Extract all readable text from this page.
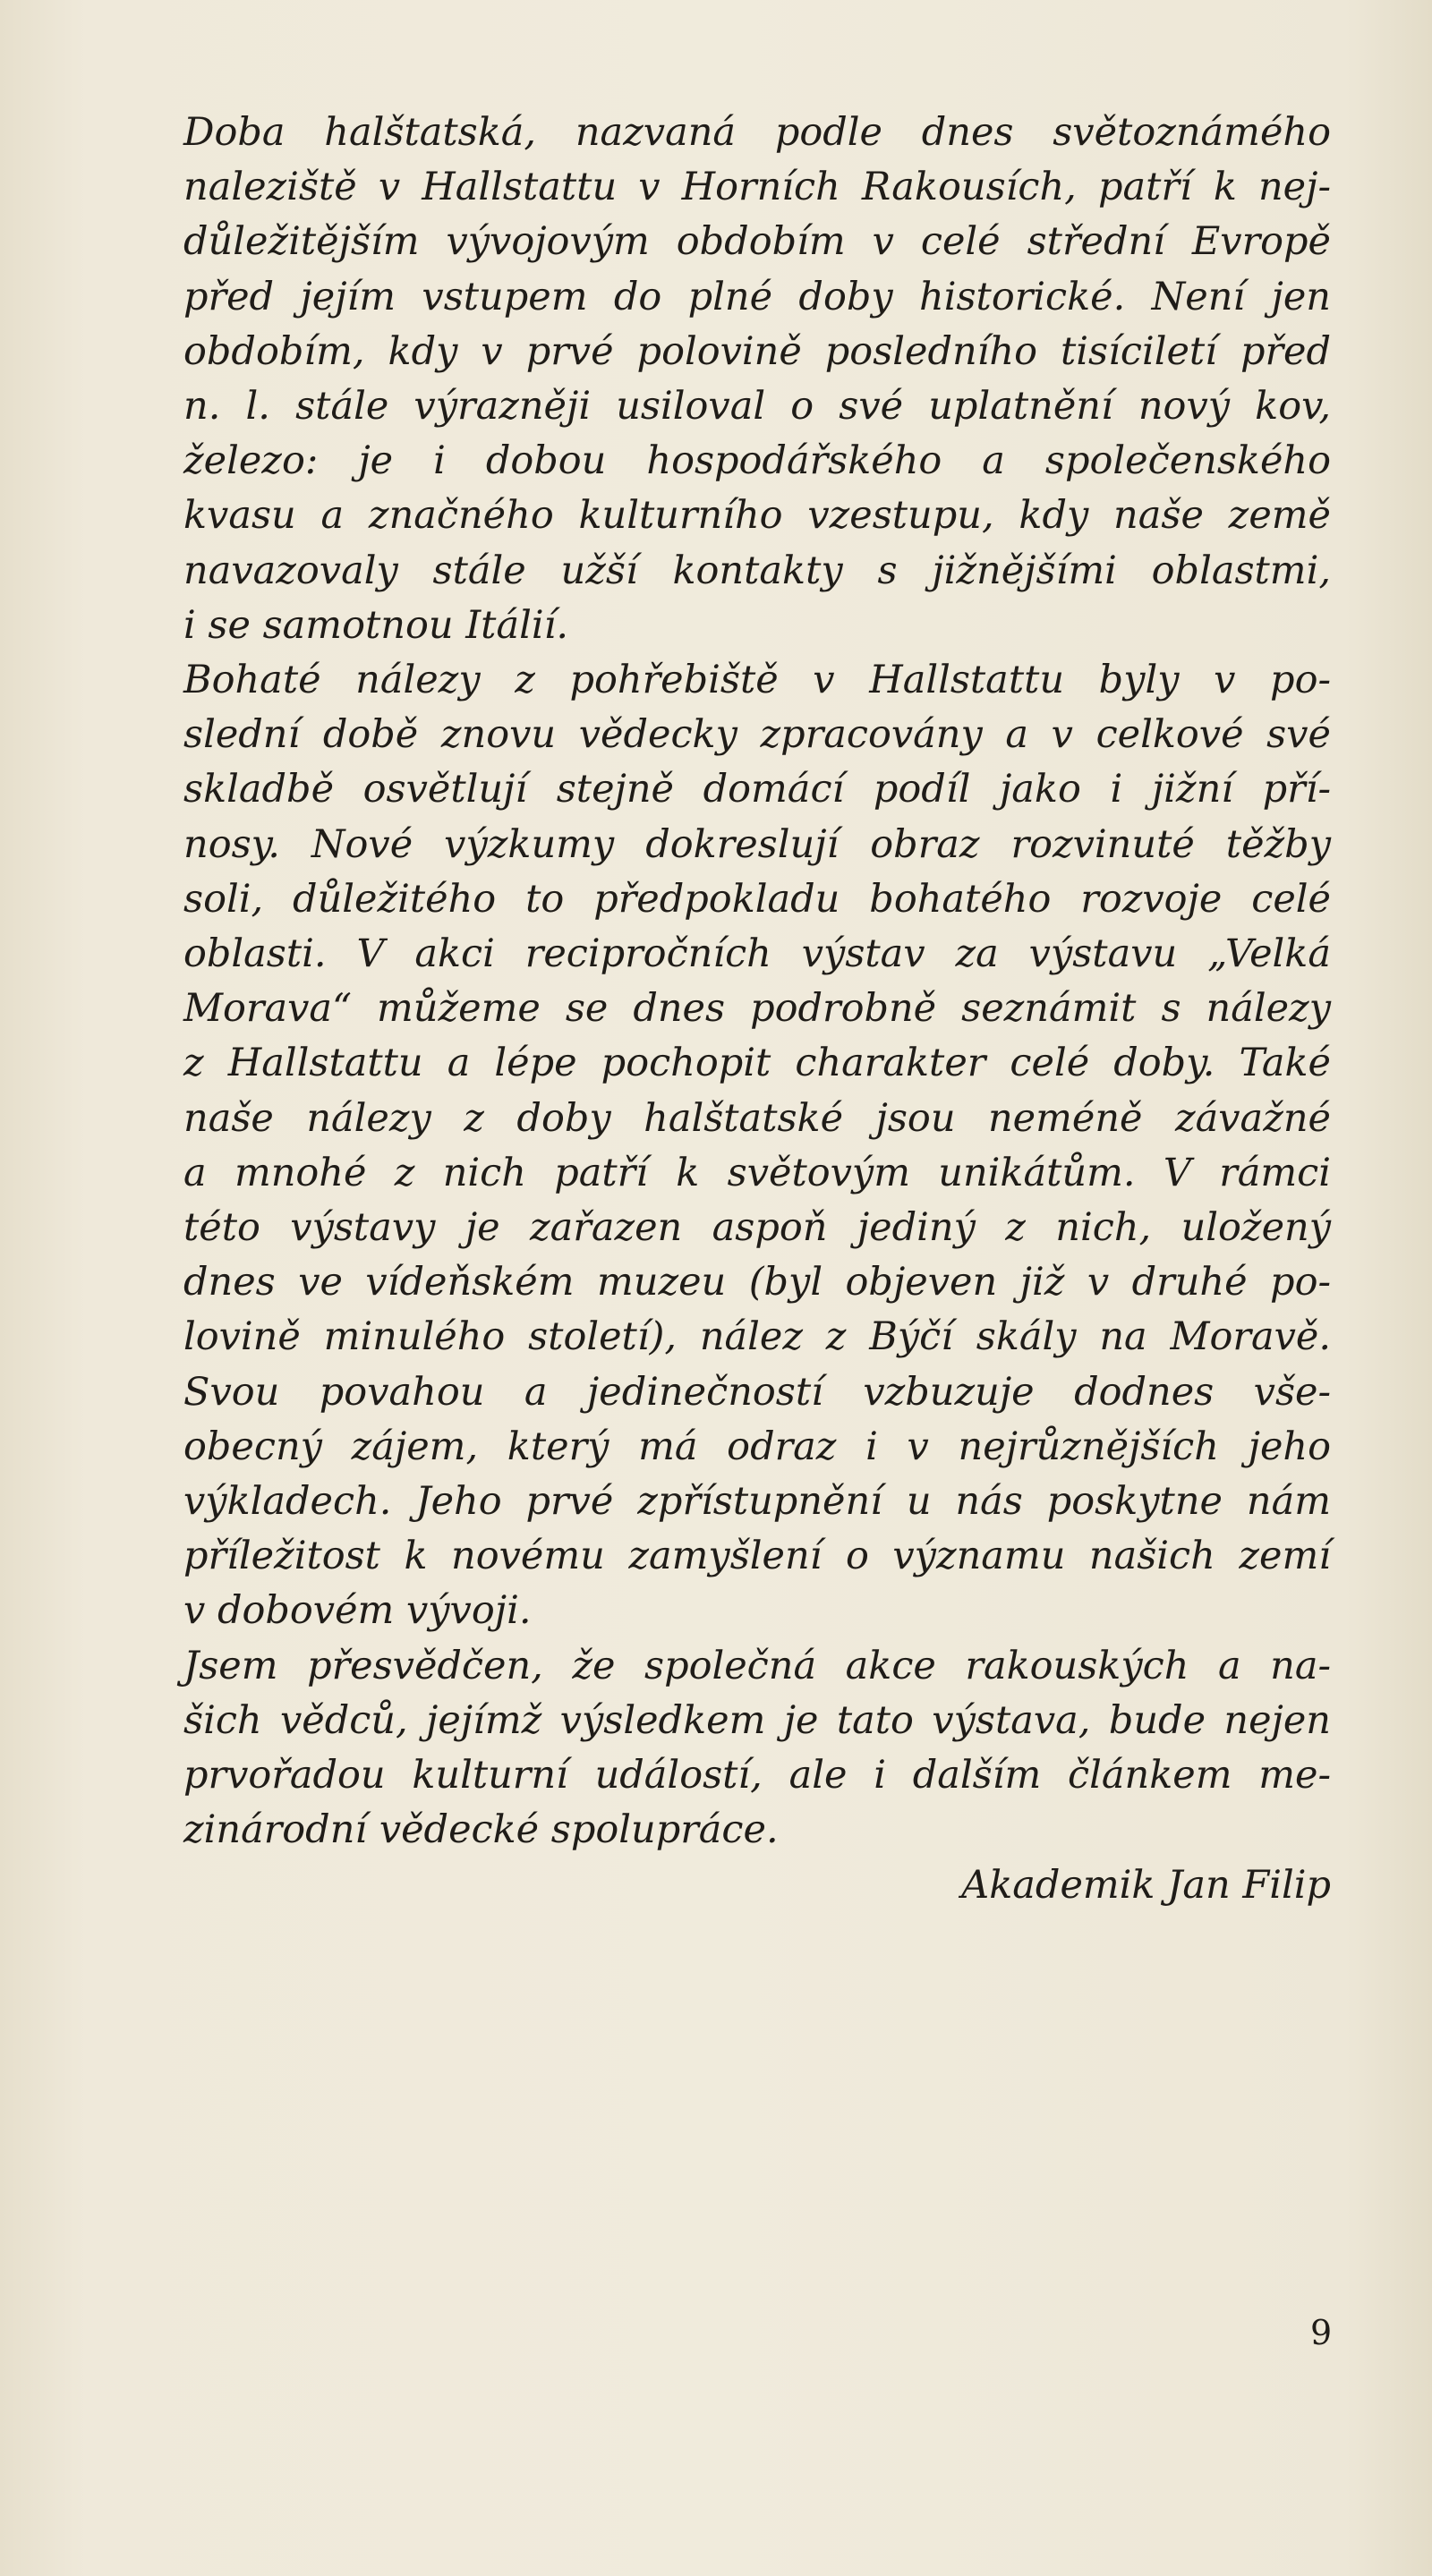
Doba halštatská, nazvaná podle dnes světoznámého
naleziště v Hallstattu v Horních Rakousích, patří k nej-
důležitějším vývojovým obdobím v celé střední Evropě
před jejím vstupem do plné doby historické. Není jen
obdobím, kdy v prvé polovině posledního tisíciletí před
n. l. stále výrazněji usiloval o své uplatnění nový kov,
železo: je i dobou hospodářského a společenského
kvasu a značného kulturního vzestupu, kdy naše země
navazovaly stále užší kontakty s jižnějšími oblastmi,
i se samotnou Itálií.

Bohaté nálezy z pohřebiště v Hallstattu byly v po-
slední době znovu vědecky zpracovány a v celkové své
skladbě osvětlují stejně domácí podíl jako i jižní pří-
nosy. Nové výzkumy dokreslují obraz rozvinuté těžby
soli, důležitého to předpokladu bohatého rozvoje celé
oblasti. V akci recipročních výstav za výstavu „Velká
Morava“ můžeme se dnes podrobně seznámit s nálezy
z Hallstattu a lépe pochopit charakter celé doby. Také
naše nálezy z doby halštatské jsou neméně závažné
a mnohé z nich patří k světovým unikátům. V rámci
této výstavy je zařazen aspoň jediný z nich, uložený
dnes ve vídeňském muzeu (byl objeven již v druhé po-
lovině minulého století), nález z Býčí skály na Moravě.
Svou povahou a jedinečností vzbuzuje dodnes vše-
obecný zájem, který má odraz i v nejrůznějších jeho
výkladech. Jeho prvé zpřístupnění u nás poskytne nám
příležitost k novému zamyšlení o významu našich zemí
v dobovém vývoji.

Jsem přesvědčen, že společná akce rakouských a na-
šich vědců, jejímž výsledkem je tato výstava, bude nejen
prvořadou kulturní událostí, ale i dalším článkem me-
zinárodní vědecké spolupráce.

Akademik Jan Filip
9
